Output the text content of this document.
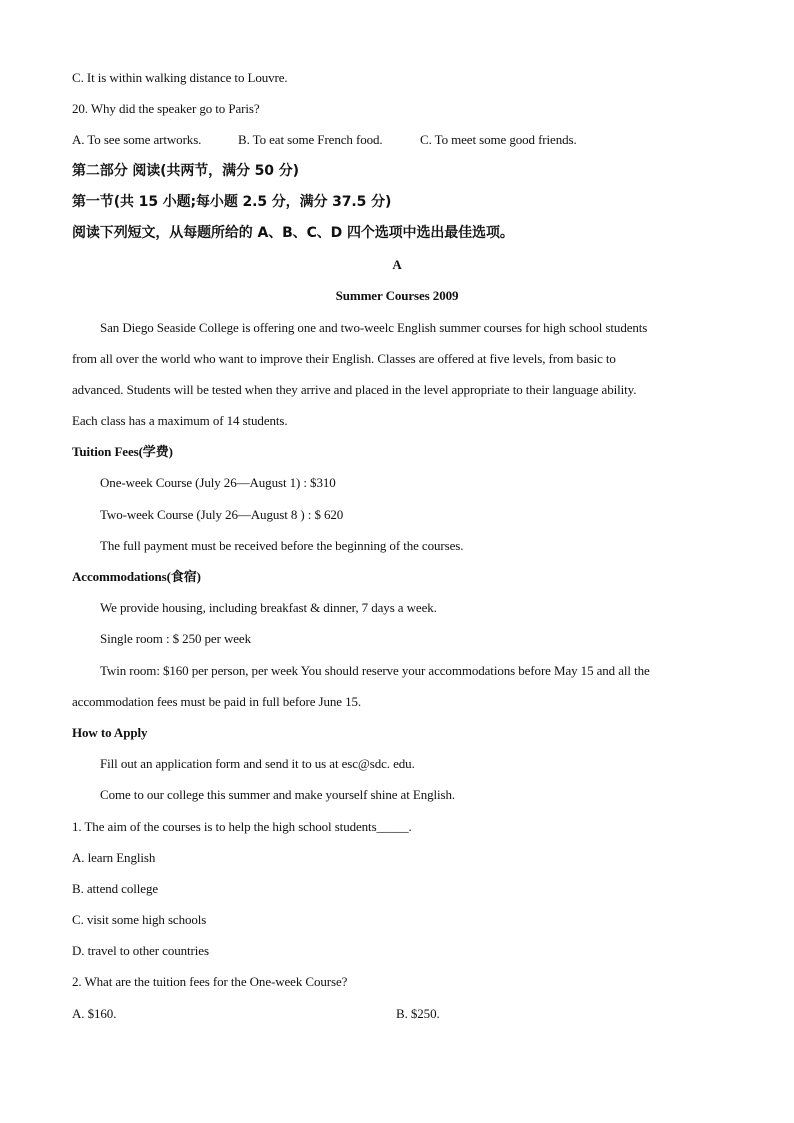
C. It is within walking distance to Louvre.
20. Why did the speaker go to Paris?
A. To see some artworks.	B. To eat some French food.	C. To meet some good friends.
第二部分 阅读(共两节，满分 50 分)
第一节(共 15 小题;每小题 2.5 分，满分 37.5 分)
阅读下列短文，从每题所给的 A、B、C、D 四个选项中选出最佳选项。
A
Summer Courses 2009
San Diego Seaside College is offering one and two-weelc English summer courses for high school students
from all over the world who want to improve their English. Classes are offered at five levels, from basic to
advanced. Students will be tested when they arrive and placed in the level appropriate to their language ability.
Each class has a maximum of 14 students.
Tuition Fees(学费)
One-week Course (July 26—August 1) : $310
Two-week Course (July 26—August 8 ) : $ 620
The full payment must be received before the beginning of the courses.
Accommodations(食宿)
We provide housing, including breakfast & dinner, 7 days a week.
Single room : $ 250 per week
Twin room: $160 per person, per week You should reserve your accommodations before May 15 and all the
accommodation fees must be paid in full before June 15.
How to Apply
Fill out an application form and send it to us at esc@sdc. edu.
Come to our college this summer and make yourself shine at English.
1. The aim of the courses is to help the high school students_____.
A. learn English
B. attend college
C. visit some high schools
D. travel to other countries
2. What are the tuition fees for the One-week Course?
A. $160.	B. $250.
